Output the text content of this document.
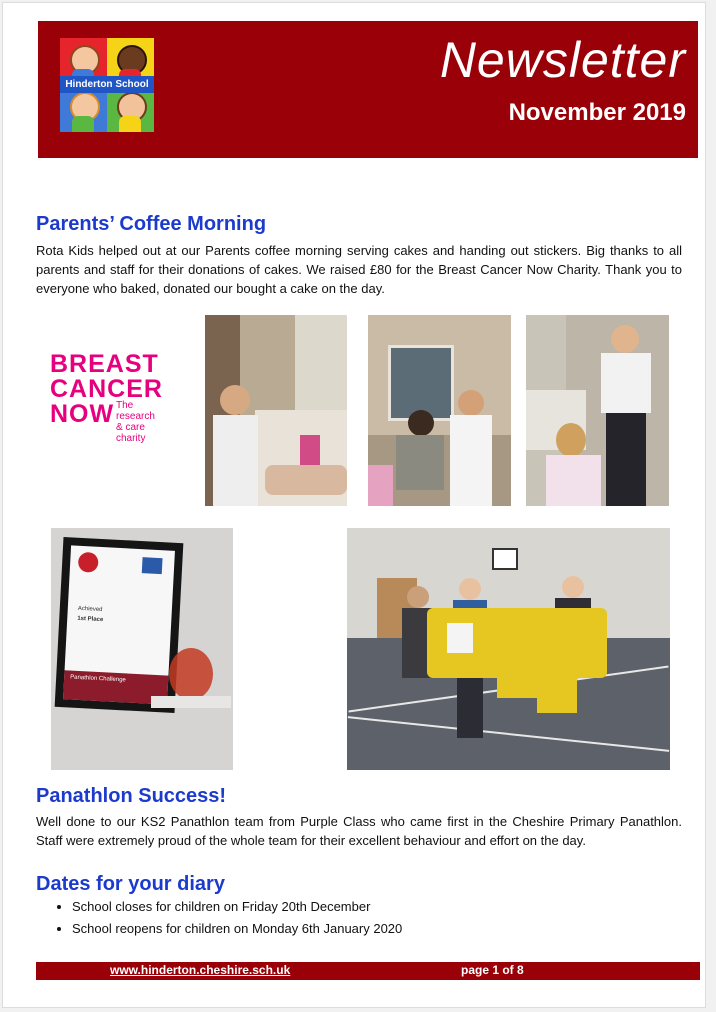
Hinderton School	Newsletter
November 2019
Parents’ Coffee Morning

Rota Kids helped out at our Parents coffee morning serving cakes and handing out stickers. Big thanks to all parents and staff for their donations of cakes. We raised £80 for the Breast Cancer Now Charity. Thank you to everyone who baked, donated our bought a cake on the day.

BREAST
CANCER
NOW The research
& care charity
Achieved
1st Place
Panathlon Challenge
Panathlon Success!

Well done to our KS2 Panathlon team from Purple Class who came first in the Cheshire Primary Panathlon. Staff were extremely proud of the whole team for their excellent behaviour and effort on the day.

Dates for your diary
• School closes for children on Friday 20th December
• School reopens for children on Monday 6th January 2020
www.hinderton.cheshire.sch.uk	page 1 of 8
